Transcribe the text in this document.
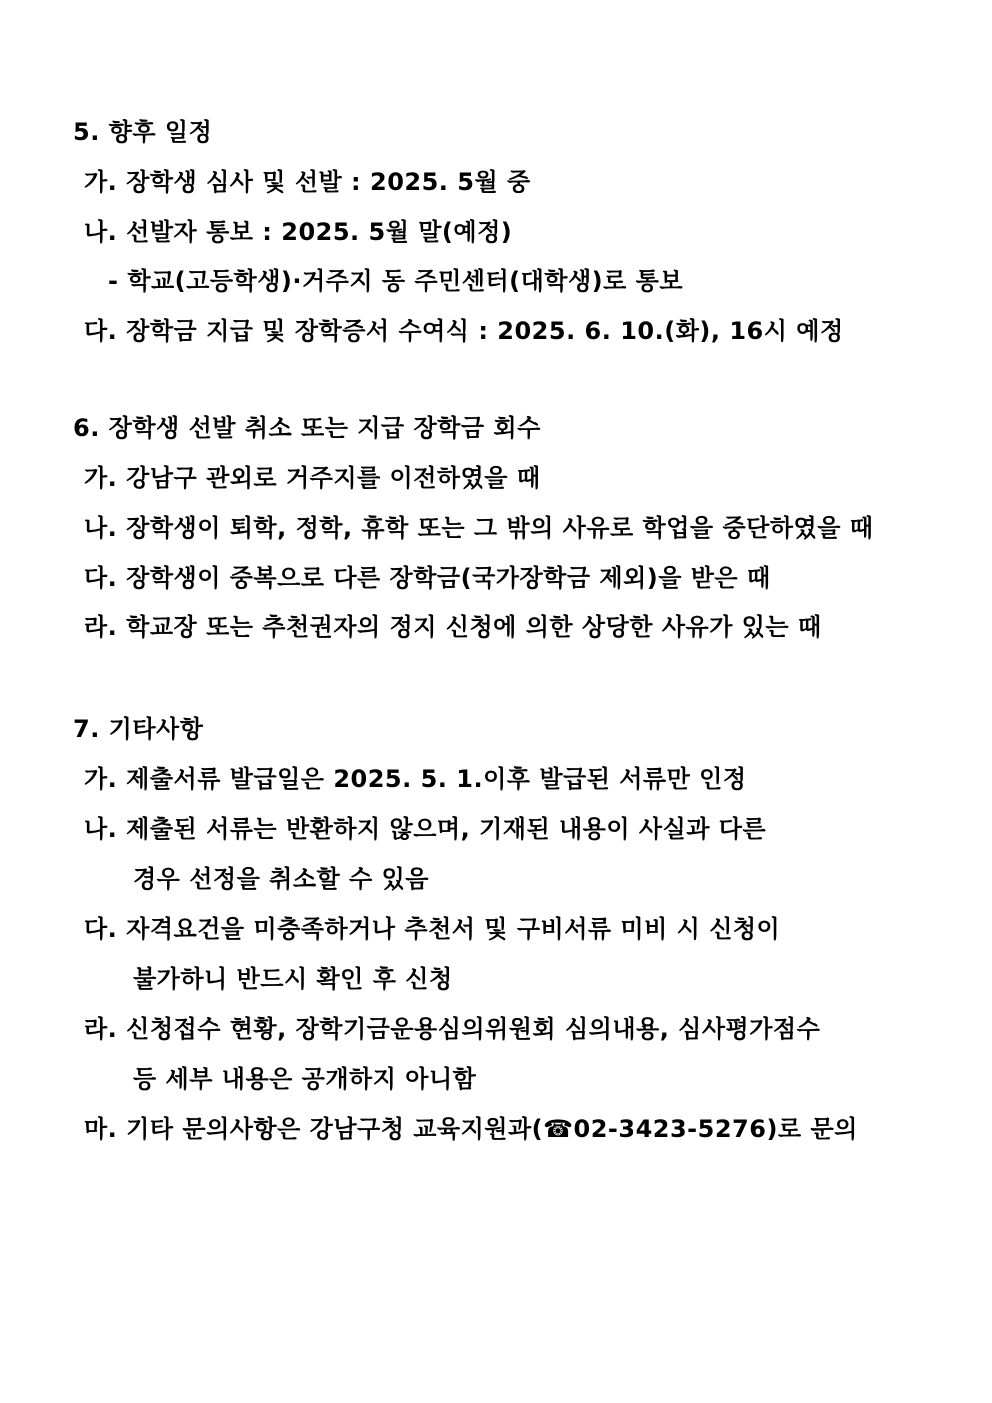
5. 향후 일정
가. 장학생 심사 및 선발 : 2025. 5월 중
나. 선발자 통보 : 2025. 5월 말(예정)
- 학교(고등학생)·거주지 동 주민센터(대학생)로 통보
다. 장학금 지급 및 장학증서 수여식 : 2025. 6. 10.(화), 16시 예정
6. 장학생 선발 취소 또는 지급 장학금 회수
가. 강남구 관외로 거주지를 이전하였을 때
나. 장학생이 퇴학, 정학, 휴학 또는 그 밖의 사유로 학업을 중단하였을 때
다. 장학생이 중복으로 다른 장학금(국가장학금 제외)을 받은 때
라. 학교장 또는 추천권자의 정지 신청에 의한 상당한 사유가 있는 때
7. 기타사항
가. 제출서류 발급일은 2025. 5. 1.이후 발급된 서류만 인정
나. 제출된 서류는 반환하지 않으며, 기재된 내용이 사실과 다른
경우 선정을 취소할 수 있음
다. 자격요건을 미충족하거나 추천서 및 구비서류 미비 시 신청이
불가하니 반드시 확인 후 신청
라. 신청접수 현황, 장학기금운용심의위원회 심의내용, 심사평가점수
등 세부 내용은 공개하지 아니함
마. 기타 문의사항은 강남구청 교육지원과(☎02-3423-5276)로 문의
